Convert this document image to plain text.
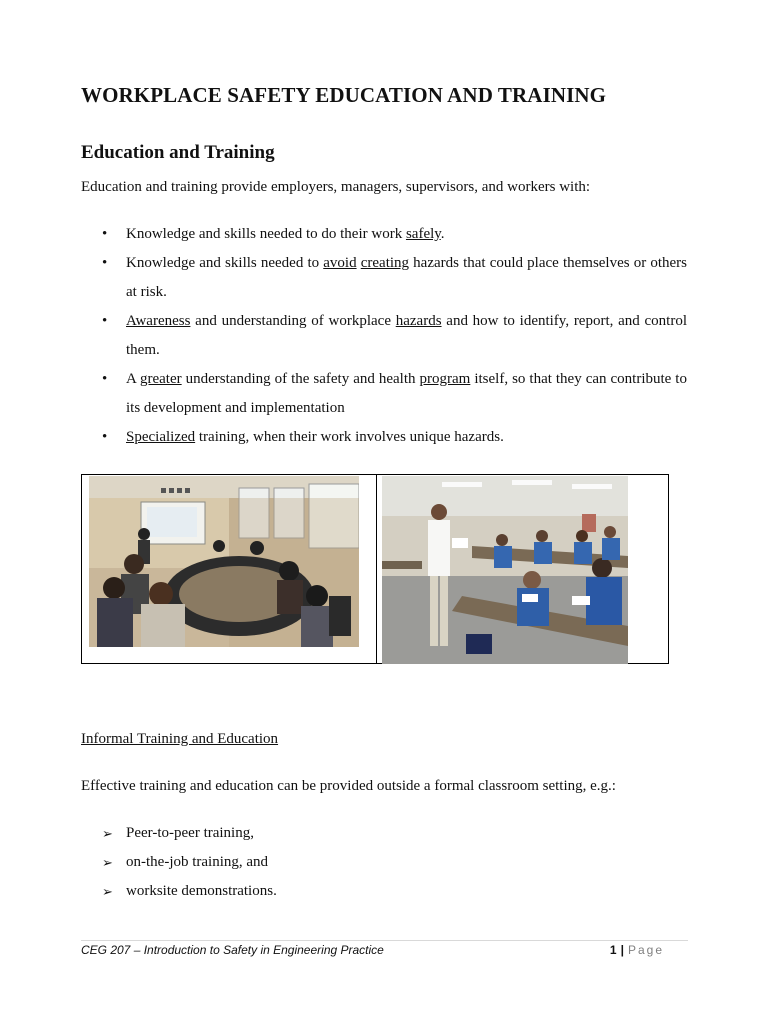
WORKPLACE SAFETY EDUCATION AND TRAINING
Education and Training
Education and training provide employers, managers, supervisors, and workers with:
• Knowledge and skills needed to do their work safely.
• Knowledge and skills needed to avoid creating hazards that could place themselves or others at risk.
• Awareness and understanding of workplace hazards and how to identify, report, and control them.
• A greater understanding of the safety and health program itself, so that they can contribute to its development and implementation
• Specialized training, when their work involves unique hazards.
Informal Training and Education
Effective training and education can be provided outside a formal classroom setting, e.g.:
➢ Peer-to-peer training,
➢ on-the-job training, and
➢ worksite demonstrations.
CEG 207 – Introduction to Safety in Engineering Practice	1 | Page
